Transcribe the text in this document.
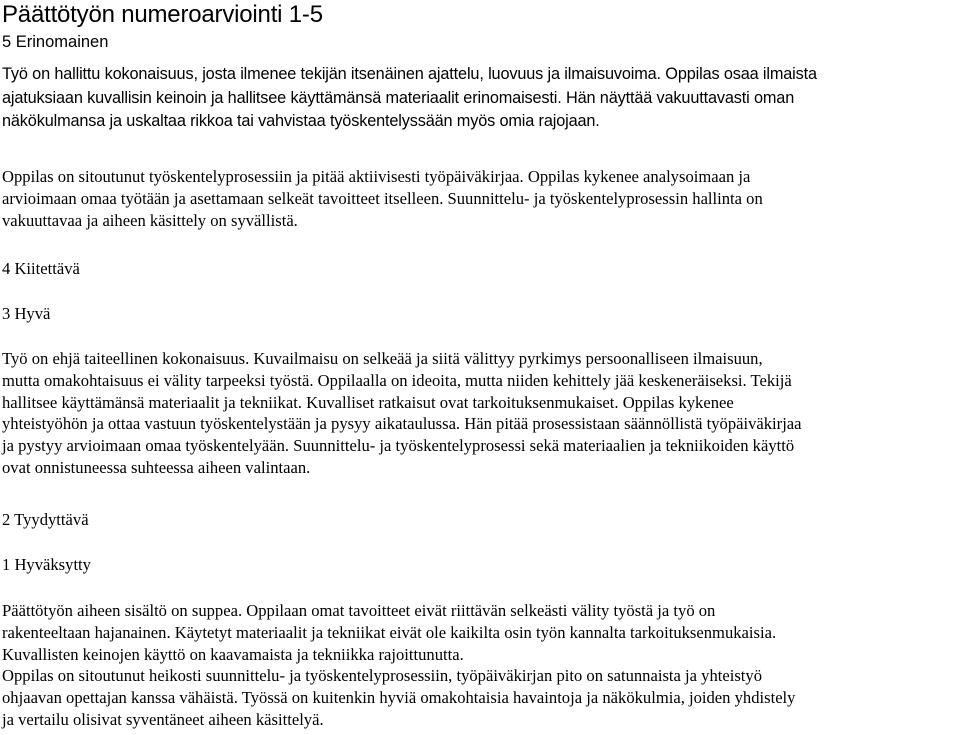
Päättötyön numeroarviointi 1-5

5 Erinomainen

Työ on hallittu kokonaisuus, josta ilmenee tekijän itsenäinen ajattelu, luovuus ja ilmaisuvoima. Oppilas osaa ilmaista
ajatuksiaan kuvallisin keinoin ja hallitsee käyttämänsä materiaalit erinomaisesti. Hän näyttää vakuuttavasti oman
näkökulmansa ja uskaltaa rikkoa tai vahvistaa työskentelyssään myös omia rajojaan.
Oppilas on sitoutunut työskentelyprosessiin ja pitää aktiivisesti työpäiväkirjaa. Oppilas kykenee analysoimaan ja
arvioimaan omaa työtään ja asettamaan selkeät tavoitteet itselleen. Suunnittelu- ja työskentelyprosessin hallinta on
vakuuttavaa ja aiheen käsittely on syvällistä.

4 Kiitettävä

3 Hyvä

Työ on ehjä taiteellinen kokonaisuus. Kuvailmaisu on selkeää ja siitä välittyy pyrkimys persoonalliseen ilmaisuun,
mutta omakohtaisuus ei välity tarpeeksi työstä. Oppilaalla on ideoita, mutta niiden kehittely jää keskeneräiseksi. Tekijä
hallitsee käyttämänsä materiaalit ja tekniikat. Kuvalliset ratkaisut ovat tarkoituksenmukaiset. Oppilas kykenee
yhteistyöhön ja ottaa vastuun työskentelystään ja pysyy aikataulussa. Hän pitää prosessistaan säännöllistä työpäiväkirjaa
ja pystyy arvioimaan omaa työskentelyään. Suunnittelu- ja työskentelyprosessi sekä materiaalien ja tekniikoiden käyttö
ovat onnistuneessa suhteessa aiheen valintaan.

2 Tyydyttävä

1 Hyväksytty

Päättötyön aiheen sisältö on suppea. Oppilaan omat tavoitteet eivät riittävän selkeästi välity työstä ja työ on
rakenteeltaan hajanainen. Käytetyt materiaalit ja tekniikat eivät ole kaikilta osin työn kannalta tarkoituksenmukaisia.
Kuvallisten keinojen käyttö on kaavamaista ja tekniikka rajoittunutta.
Oppilas on sitoutunut heikosti suunnittelu- ja työskentelyprosessiin, työpäiväkirjan pito on satunnaista ja yhteistyö
ohjaavan opettajan kanssa vähäistä. Työssä on kuitenkin hyviä omakohtaisia havaintoja ja näkökulmia, joiden yhdistely
ja vertailu olisivat syventäneet aiheen käsittelyä.
